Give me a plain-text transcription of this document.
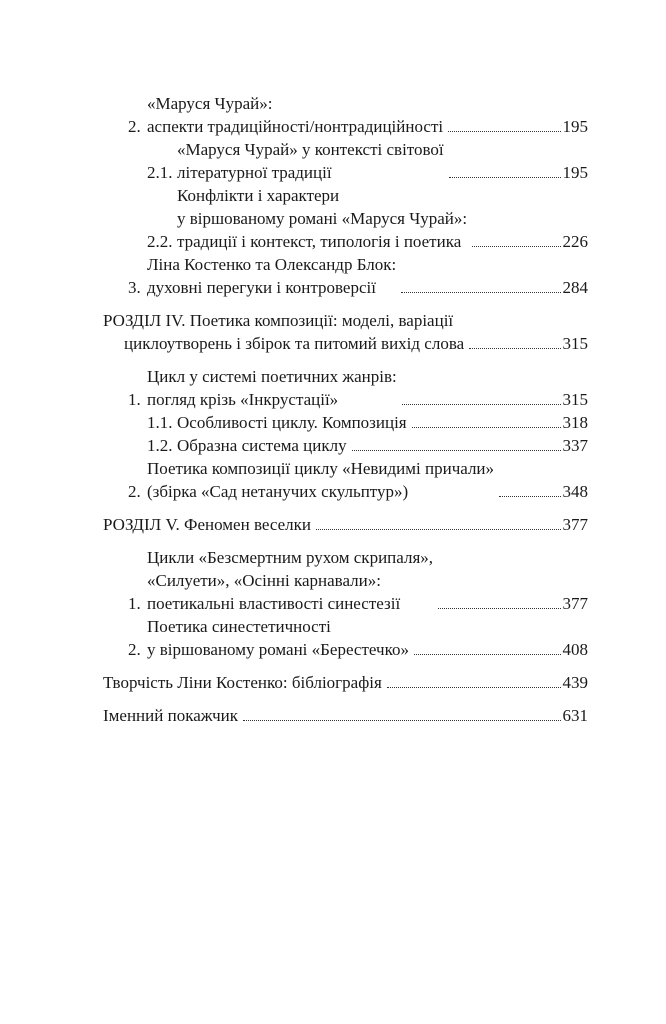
2.
«Маруся Чурай»:
аспекти традиційності/нонтрадиційності	195
2.1.
«Маруся Чурай» у контексті світової
літературної традиції	195
2.2.
Конфлікти і характери
у віршованому романі «Маруся Чурай»:
традиції і контекст, типологія і поетика	226
3.
Ліна Костенко та Олександр Блок:
духовні перегуки і контроверсії	284
РОЗДІЛ IV. Поетика композиції: моделі, варіації
циклоутворень і збірок та питомий вихід слова	315
1.
Цикл у системі поетичних жанрів:
погляд крізь «Інкрустації»	315
1.1. Особливості циклу. Композиція	318
1.2. Образна система циклу	337
2.
Поетика композиції циклу «Невидимі причали»
(збірка «Сад нетанучих скульптур»)	348
РОЗДІЛ V. Феномен веселки	377
1.
Цикли «Безсмертним рухом скрипаля»,
«Силуети», «Осінні карнавали»:
поетикальні властивості синестезії	377
2.
Поетика синестетичності
у віршованому романі «Берестечко»	408
Творчість Ліни Костенко: бібліографія	439
Іменний покажчик	631
